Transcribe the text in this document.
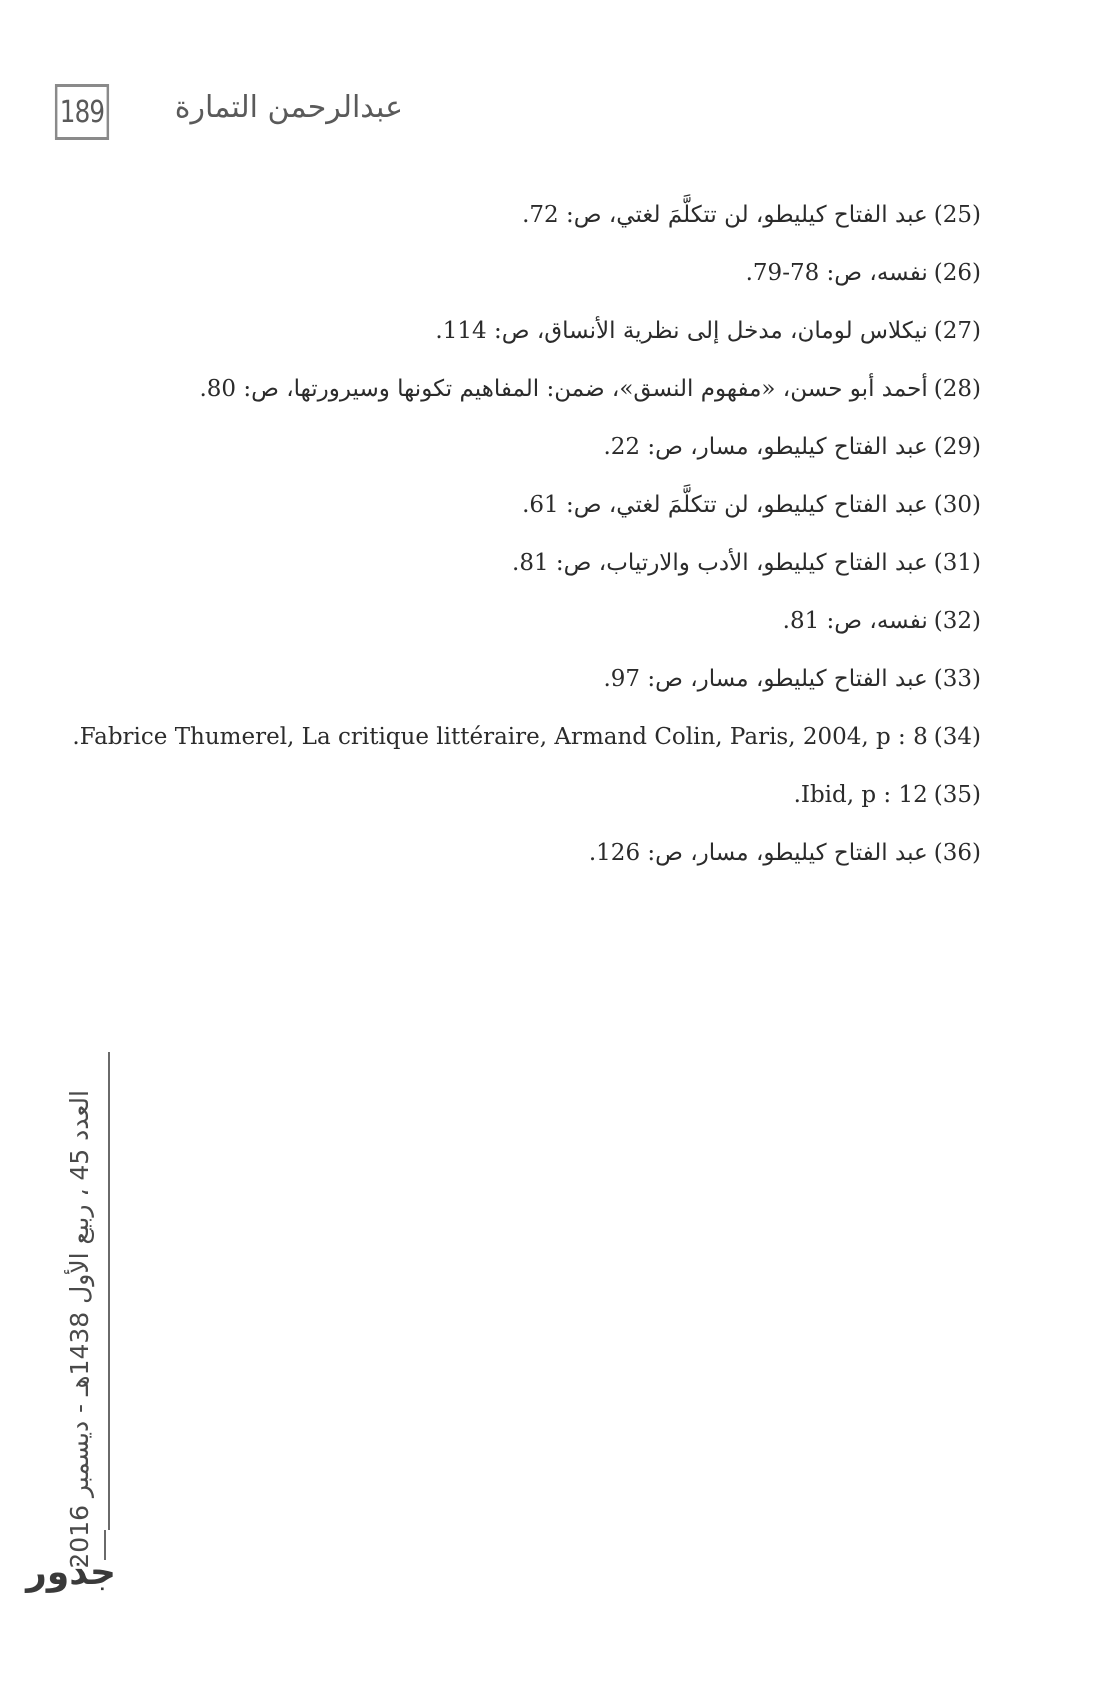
189 عبدالرحمن التمارة
(25)عبد الفتاح كيليطو، لن تتكلَّمَ لغتي، ص: 72.
(26)نفسه، ص: 78-79.
(27)نيكلاس لومان، مدخل إلى نظرية الأنساق، ص: 114.
(28)أحمد أبو حسن، «مفهوم النسق»، ضمن: المفاهيم تكونها وسيرورتها، ص: 80.
(29)عبد الفتاح كيليطو، مسار، ص: 22.
(30)عبد الفتاح كيليطو، لن تتكلَّمَ لغتي، ص: 61.
(31)عبد الفتاح كيليطو، الأدب والارتياب، ص: 81.
(32)نفسه، ص: 81.
(33)عبد الفتاح كيليطو، مسار، ص: 97.
(34)Fabrice Thumerel, La critique littéraire, Armand Colin, Paris, 2004, p : 8.
(35)Ibid, p : 12.
(36)عبد الفتاح كيليطو، مسار، ص: 126.
العدد 45 ، ربيع الأول 1438هـ - ديسمبر 2016
جذور
